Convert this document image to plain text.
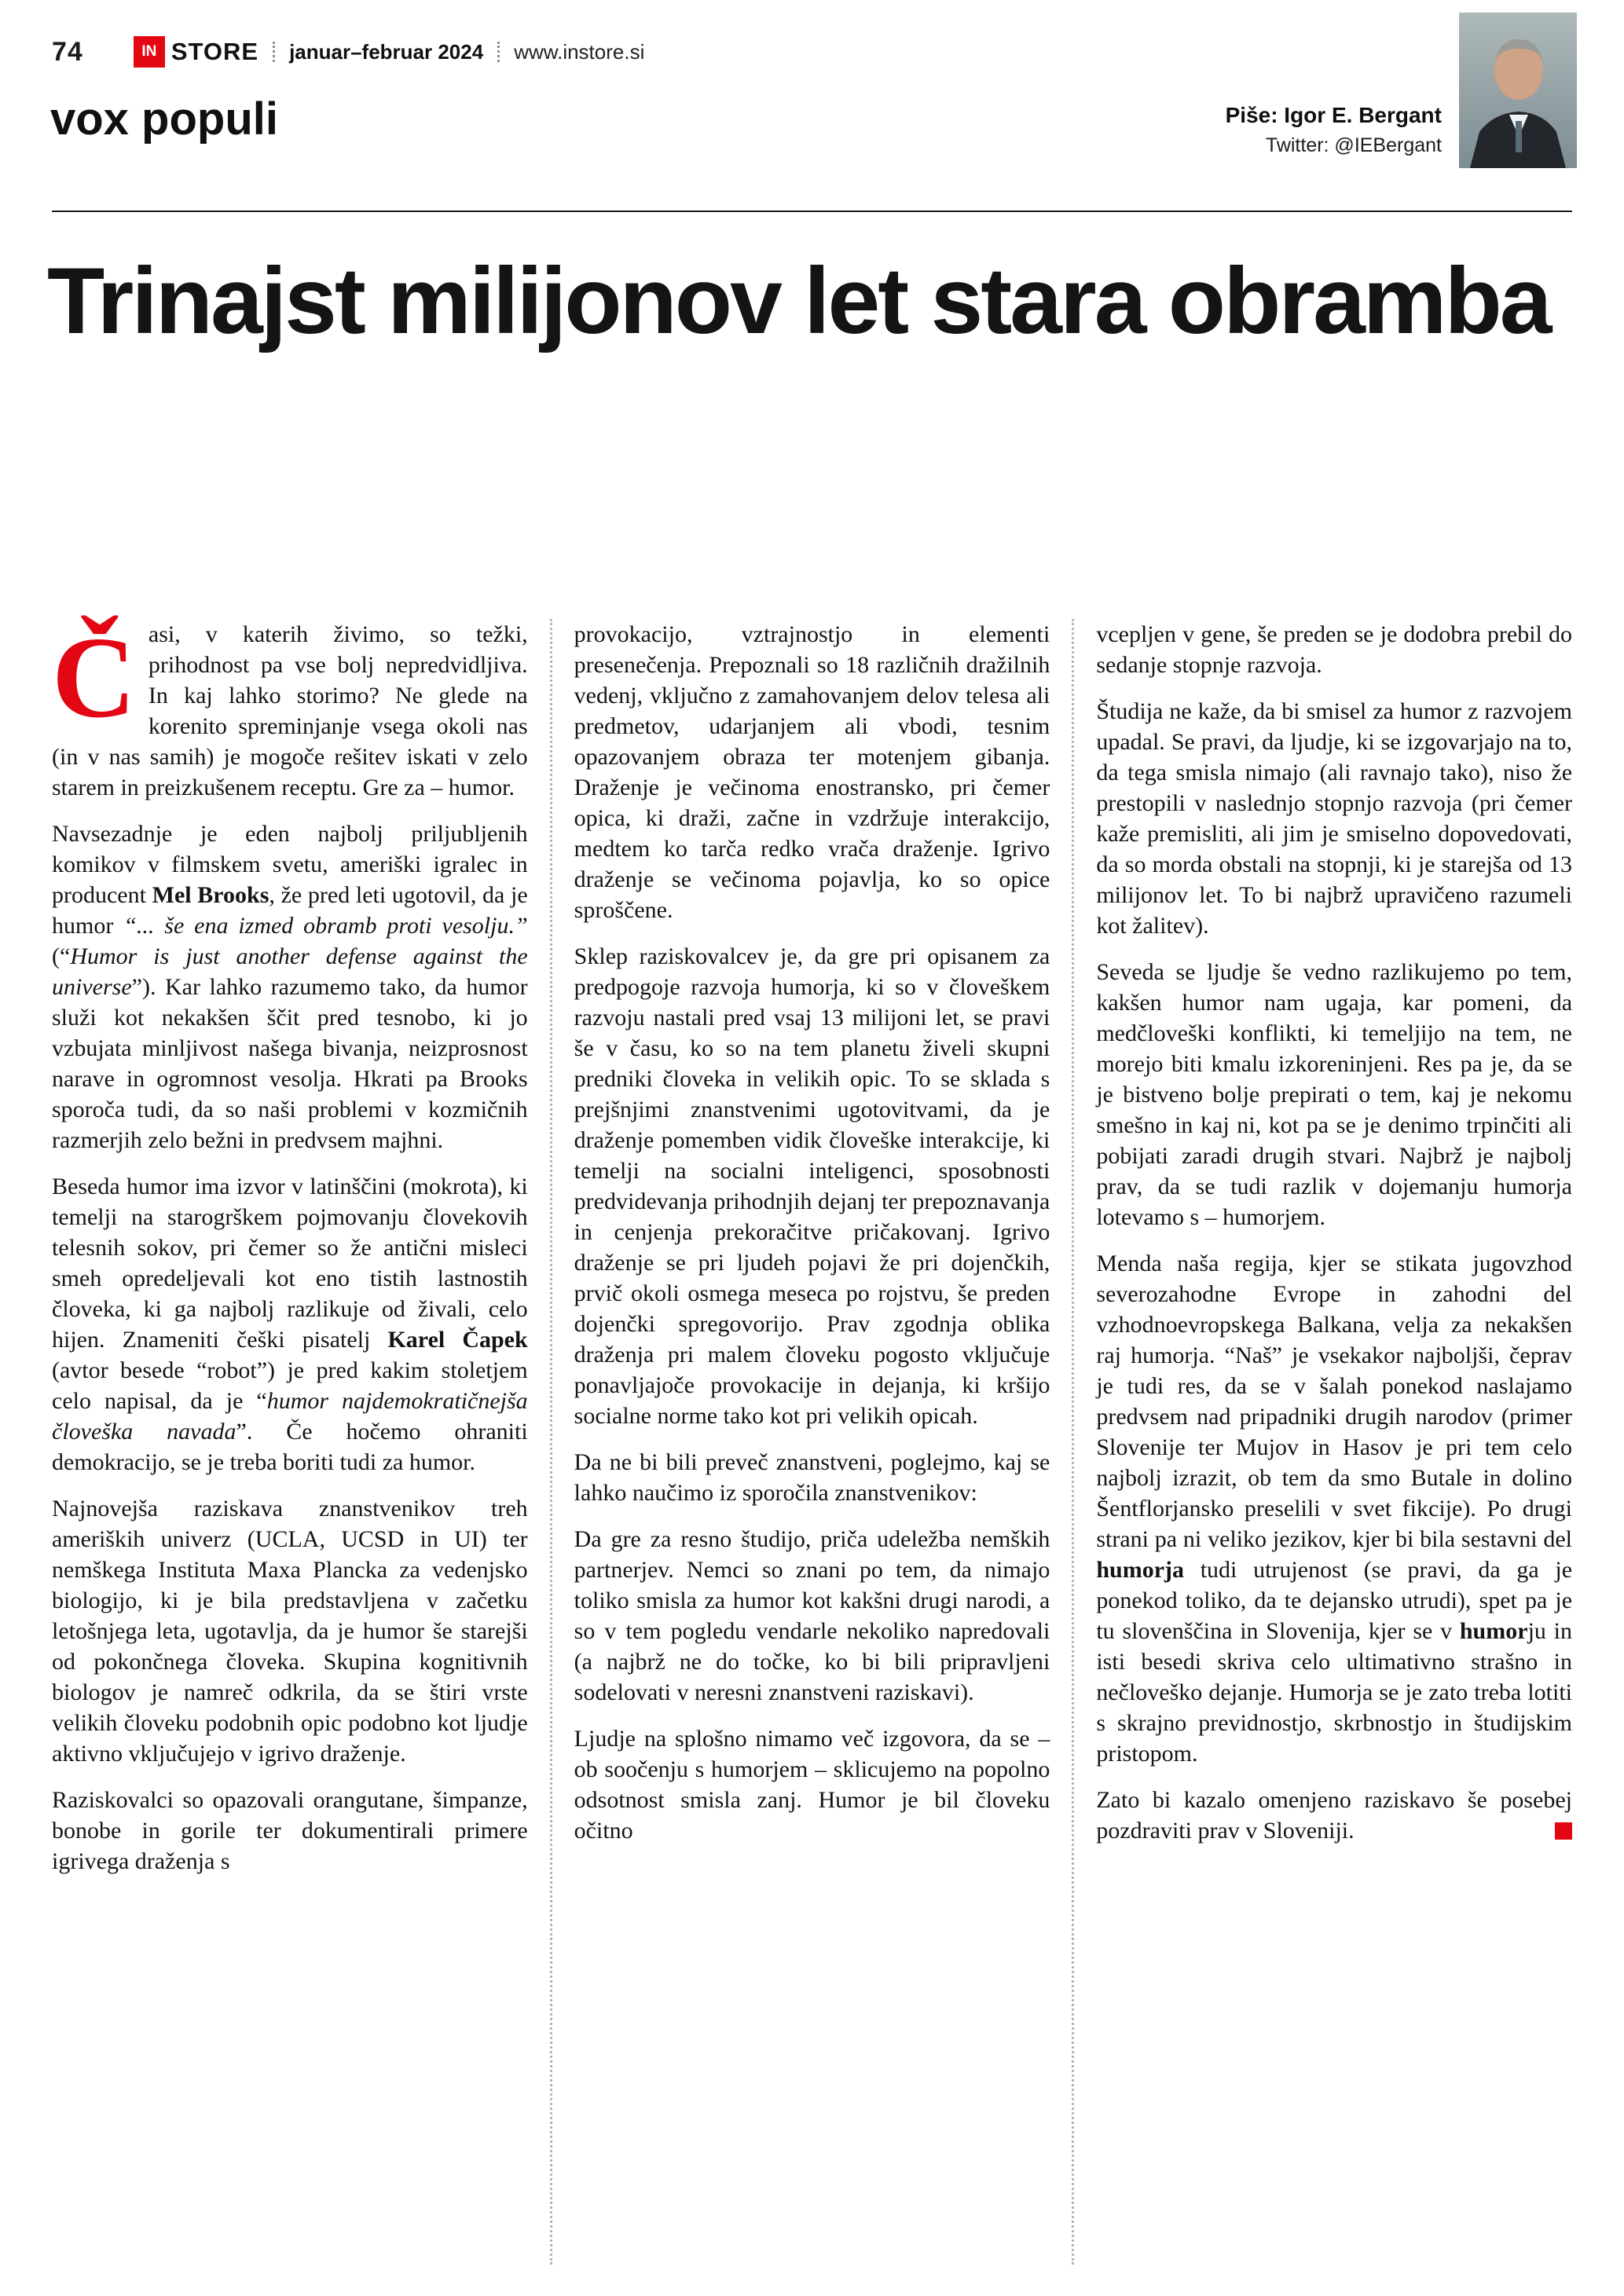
74	IN STORE januar–februar 2024 www.instore.si
vox populi	Piše: Igor E. Bergant
Twitter: @IEBergant
Trinajst milijonov let stara obramba

Časi, v katerih živimo, so težki, prihodnost pa vse bolj nepredvidljiva. In kaj lahko storimo? Ne glede na korenito spreminjanje vsega okoli nas (in v nas samih) je mogoče rešitev iskati v zelo starem in preizkušenem receptu. Gre za – humor.

Navsezadnje je eden najbolj priljubljenih komikov v filmskem svetu, ameriški igralec in producent Mel Brooks, že pred leti ugotovil, da je humor “... še ena izmed obramb proti vesolju.” (“Humor is just another defense against the universe”). Kar lahko razumemo tako, da humor služi kot nekakšen ščit pred tesnobo, ki jo vzbujata minljivost našega bivanja, neizprosnost narave in ogromnost vesolja. Hkrati pa Brooks sporoča tudi, da so naši problemi v kozmičnih razmerjih zelo bežni in predvsem majhni.

Beseda humor ima izvor v latinščini (mokrota), ki temelji na starogrškem pojmovanju človekovih telesnih sokov, pri čemer so že antični misleci smeh opredeljevali kot eno tistih lastnostih človeka, ki ga najbolj razlikuje od živali, celo hijen. Znameniti češki pisatelj Karel Čapek (avtor besede “robot”) je pred kakim stoletjem celo napisal, da je “humor najdemokratičnejša človeška navada”. Če hočemo ohraniti demokracijo, se je treba boriti tudi za humor.

Najnovejša raziskava znanstvenikov treh ameriških univerz (UCLA, UCSD in UI) ter nemškega Instituta Maxa Plancka za vedenjsko biologijo, ki je bila predstavljena v začetku letošnjega leta, ugotavlja, da je humor še starejši od pokončnega človeka. Skupina kognitivnih biologov je namreč odkrila, da se štiri vrste velikih človeku podobnih opic podobno kot ljudje aktivno vključujejo v igrivo draženje.

Raziskovalci so opazovali orangutane, šimpanze, bonobe in gorile ter dokumentirali primere igrivega draženja s

provokacijo, vztrajnostjo in elementi presenečenja. Prepoznali so 18 različnih dražilnih vedenj, vključno z zamahovanjem delov telesa ali predmetov, udarjanjem ali vbodi, tesnim opazovanjem obraza ter motenjem gibanja. Draženje je večinoma enostransko, pri čemer opica, ki draži, začne in vzdržuje interakcijo, medtem ko tarča redko vrača draženje. Igrivo draženje se večinoma pojavlja, ko so opice sproščene.

Sklep raziskovalcev je, da gre pri opisanem za predpogoje razvoja humorja, ki so v človeškem razvoju nastali pred vsaj 13 milijoni let, se pravi še v času, ko so na tem planetu živeli skupni predniki človeka in velikih opic. To se sklada s prejšnjimi znanstvenimi ugotovitvami, da je draženje pomemben vidik človeške interakcije, ki temelji na socialni inteligenci, sposobnosti predvidevanja prihodnjih dejanj ter prepoznavanja in cenjenja prekoračitve pričakovanj. Igrivo draženje se pri ljudeh pojavi že pri dojenčkih, prvič okoli osmega meseca po rojstvu, še preden dojenčki spregovorijo. Prav zgodnja oblika draženja pri malem človeku pogosto vključuje ponavljajoče provokacije in dejanja, ki kršijo socialne norme tako kot pri velikih opicah.

Da ne bi bili preveč znanstveni, poglejmo, kaj se lahko naučimo iz sporočila znanstvenikov:

Da gre za resno študijo, priča udeležba nemških partnerjev. Nemci so znani po tem, da nimajo toliko smisla za humor kot kakšni drugi narodi, a so v tem pogledu vendarle nekoliko napredovali (a najbrž ne do točke, ko bi bili pripravljeni sodelovati v neresni znanstveni raziskavi).

Ljudje na splošno nimamo več izgovora, da se – ob soočenju s humorjem – sklicujemo na popolno odsotnost smisla zanj. Humor je bil človeku očitno

vcepljen v gene, še preden se je dodobra prebil do sedanje stopnje razvoja.

Študija ne kaže, da bi smisel za humor z razvojem upadal. Se pravi, da ljudje, ki se izgovarjajo na to, da tega smisla nimajo (ali ravnajo tako), niso že prestopili v naslednjo stopnjo razvoja (pri čemer kaže premisliti, ali jim je smiselno dopovedovati, da so morda obstali na stopnji, ki je starejša od 13 milijonov let. To bi najbrž upravičeno razumeli kot žalitev).

Seveda se ljudje še vedno razlikujemo po tem, kakšen humor nam ugaja, kar pomeni, da medčloveški konflikti, ki temeljijo na tem, ne morejo biti kmalu izkoreninjeni. Res pa je, da se je bistveno bolje prepirati o tem, kaj je nekomu smešno in kaj ni, kot pa se je denimo trpinčiti ali pobijati zaradi drugih stvari. Najbrž je najbolj prav, da se tudi razlik v dojemanju humorja lotevamo s – humorjem.

Menda naša regija, kjer se stikata jugovzhod severozahodne Evrope in zahodni del vzhodnoevropskega Balkana, velja za nekakšen raj humorja. “Naš” je vsekakor najboljši, čeprav je tudi res, da se v šalah ponekod naslajamo predvsem nad pripadniki drugih narodov (primer Slovenije ter Mujov in Hasov je pri tem celo najbolj izrazit, ob tem da smo Butale in dolino Šentflorjansko preselili v svet fikcije). Po drugi strani pa ni veliko jezikov, kjer bi bila sestavni del humorja tudi utrujenost (se pravi, da ga je ponekod toliko, da te dejansko utrudi), spet pa je tu slovenščina in Slovenija, kjer se v humorju in isti besedi skriva celo ultimativno strašno in nečloveško dejanje. Humorja se je zato treba lotiti s skrajno previdnostjo, skrbnostjo in študijskim pristopom.

Zato bi kazalo omenjeno raziskavo še posebej pozdraviti prav v Sloveniji.
